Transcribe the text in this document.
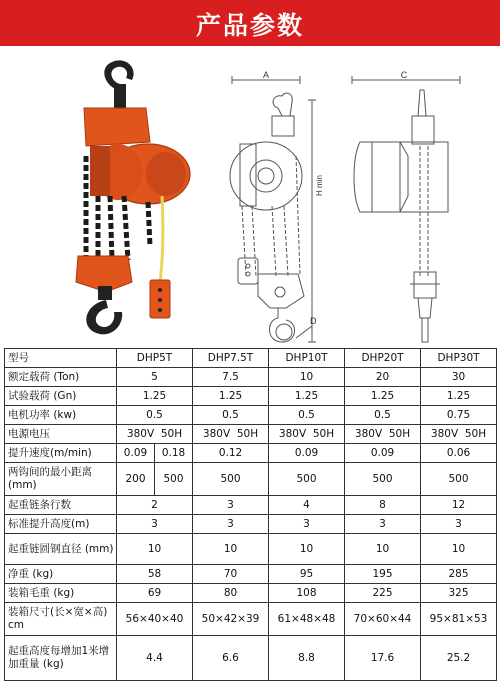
产品参数
A
D
H min
C
型号	DHP5T		DHP7.5T	DHP10T	DHP20T	DHP30T
额定载荷 (Ton)	5		7.5	10	20	30
试验载荷 (Gn)	1.25		1.25	1.25	1.25	1.25
电机功率 (kw)	0.5		0.5	0.5	0.5	0.75
电源电压	380V 50H		380V 50H	380V 50H	380V 50H	380V 50H
提升速度(m/min)	0.09	0.18	0.12	0.09	0.09	0.06
两钩间的最小距离 (mm)	200	500	500	500	500	500
起重链条行数	2		3	4	8	12
标准提升高度(m)	3		3	3	3	3
起重链圆钢直径 (mm)	10		10	10	10	10
净重 (kg)	58		70	95	195	285
装箱毛重 (kg)	69		80	108	225	325
装箱尺寸(长×宽×高) cm	56×40×40		50×42×39	61×48×48	70×60×44	95×81×53
起重高度每增加1米增加重量 (kg)	4.4		6.6	8.8	17.6	25.2
